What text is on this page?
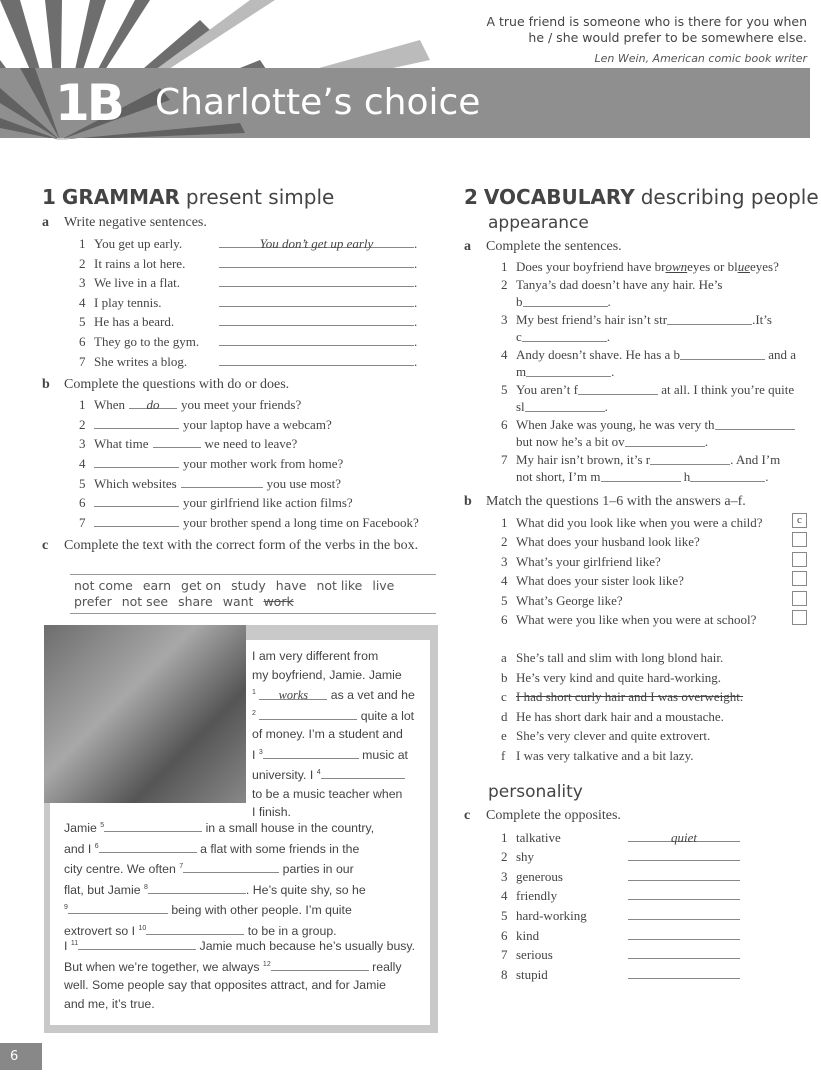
A true friend is someone who is there for you when
he / she would prefer to be somewhere else.
Len Wein, American comic book writer
1B Charlotte’s choice
1 GRAMMAR present simple
a	Write negative sentences.
1 You get up early.	You don’t get up early	.
2 It rains a lot here.	.
3 We live in a flat.	.
4 I play tennis.	.
5 He has a beard.	.
6 They go to the gym.	.
7 She writes a blog.	.
b	Complete the questions with do or does.
1 When	do	you meet your friends?
2	your laptop have a webcam?
3 What time	we need to leave?
4	your mother work from home?
5 Which websites	you use most?
6	your girlfriend like action films?
7	your brother spend a long time on Facebook?
c	Complete the text with the correct form of the verbs in the box.
not come earn get on study have not like live
prefer not see share want work
I am very different from
my boyfriend, Jamie. Jamie
$^1$ works as a vet and he
$^2$	quite a lot
of money. I’m a student and
I $^3$	music at
university. I $^4$
to be a music teacher when
I finish.
Jamie $^5$	in a small house in the country,
and I $^6$	a flat with some friends in the
city centre. We often $^7$	parties in our
flat, but Jamie $^8$	. He’s quite shy, so he
$^9$	being with other people. I’m quite
extrovert so I $^{10}$	to be in a group.
I $^{11}$	Jamie much because he’s usually busy.
But when we’re together, we always $^{12}$	really
well. Some people say that opposites attract, and for Jamie
and me, it’s true.
2 VOCABULARY describing people
appearance
a	Complete the sentences.
1 Does your boyfriend have br own eyes or bl ue eyes?
2 Tanya’s dad doesn’t have any hair. He’s
b	.
3 My best friend’s hair isn’t str	. It’s
c	.
4 Andy doesn’t shave. He has a b
	and a
m	.
5 You aren’t f
	at all. I think you’re quite
sl	.
6 When Jake was young, he was very th
but now he’s a bit ov	.
7 My hair isn’t brown, it’s r	. And I’m
not short, I’m m
	h	.
b	Match the questions 1–6 with the answers a–f.
1 What did you look like when you were a child?	c
2 What does your husband look like?
3 What’s your girlfriend like?
4 What does your sister look like?
5 What’s George like?
6 What were you like when you were at school?
a She’s tall and slim with long blond hair.
b He’s very kind and quite hard-working.
c I had short curly hair and I was overweight.
d He has short dark hair and a moustache.
e She’s very clever and quite extrovert.
f I was very talkative and a bit lazy.
personality
c	Complete the opposites.
1 talkative	quiet
2 shy
3 generous
4 friendly
5 hard-working
6 kind
7 serious
8 stupid
6
